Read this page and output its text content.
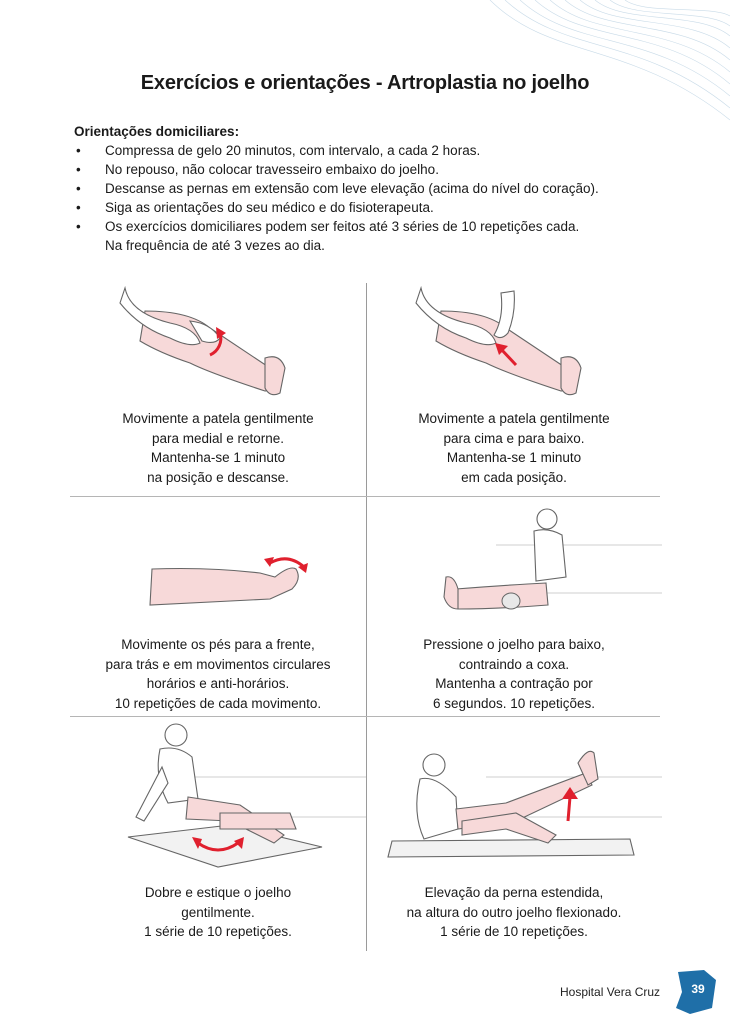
Exercícios e orientações - Artroplastia no joelho
Orientações domiciliares:
• Compressa de gelo 20 minutos, com intervalo, a cada 2 horas.
• No repouso, não colocar travesseiro embaixo do joelho.
• Descanse as pernas em extensão com leve elevação (acima do nível do coração).
• Siga as orientações do seu médico e do fisioterapeuta.
• Os exercícios domiciliares podem ser feitos até 3 séries de 10 repetições cada.
Na frequência de até 3 vezes ao dia.
Movimente a patela gentilmente
para medial e retorne.
Mantenha-se 1 minuto
na posição e descanse.
Movimente a patela gentilmente
para cima e para baixo.
Mantenha-se 1 minuto
em cada posição.
Movimente os pés para a frente,
para trás e em movimentos circulares
horários e anti-horários.
10 repetições de cada movimento.
Pressione o joelho para baixo,
contraindo a coxa.
Mantenha a contração por
6 segundos. 10 repetições.
Dobre e estique o joelho
gentilmente.
1 série de 10 repetições.
Elevação da perna estendida,
na altura do outro joelho flexionado.
1 série de 10 repetições.
Hospital Vera Cruz	39
